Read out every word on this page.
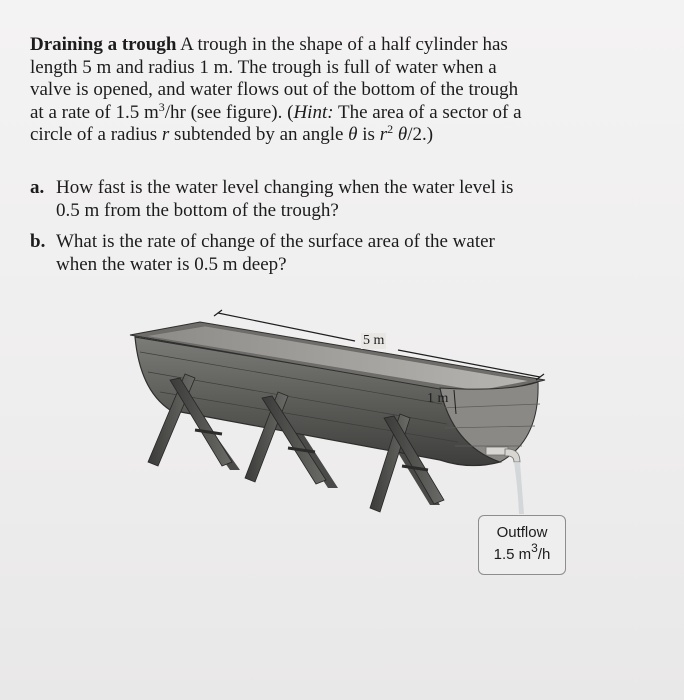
Draining a trough A trough in the shape of a half cylinder has
length 5 m and radius 1 m. The trough is full of water when a
valve is opened, and water flows out of the bottom of the trough
at a rate of 1.5 $m^3/hr$ (see figure). (Hint: The area of a sector of a
circle of a radius r subtended by an angle θ is $r^2$ θ/2.)
a. How fast is the water level changing when the water level is
0.5 m from the bottom of the trough?
b. What is the rate of change of the surface area of the water
when the water is 0.5 m deep?
5 m
1 m
Outflow
1.5 $m^3/h$
